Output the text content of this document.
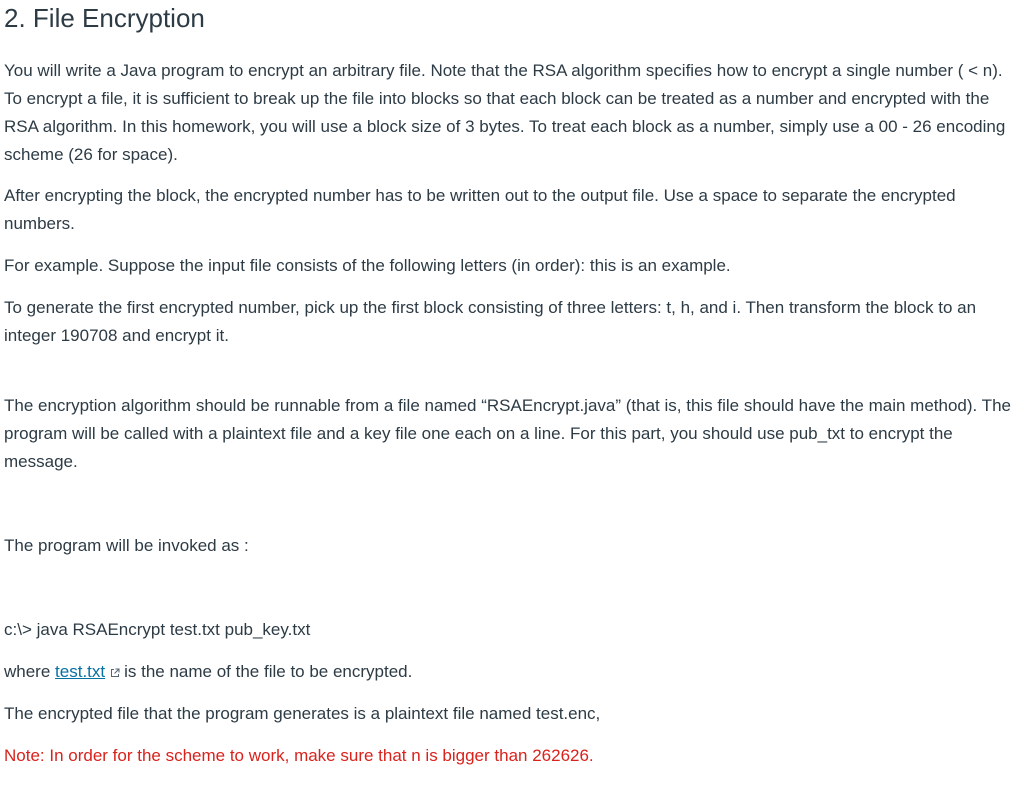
2. File Encryption

You will write a Java program to encrypt an arbitrary file. Note that the RSA algorithm specifies how to encrypt a single number ( < n). To encrypt a file, it is sufficient to break up the file into blocks so that each block can be treated as a number and encrypted with the RSA algorithm. In this homework, you will use a block size of 3 bytes. To treat each block as a number, simply use a 00 - 26 encoding scheme (26 for space).

After encrypting the block, the encrypted number has to be written out to the output file. Use a space to separate the encrypted numbers.

For example. Suppose the input file consists of the following letters (in order): this is an example.

To generate the first encrypted number, pick up the first block consisting of three letters: t, h, and i. Then transform the block to an integer 190708 and encrypt it.

The encryption algorithm should be runnable from a file named “RSAEncrypt.java” (that is, this file should have the main method). The program will be called with a plaintext file and a key file one each on a line. For this part, you should use pub_txt to encrypt the message.

The program will be invoked as :

c:\> java RSAEncrypt test.txt pub_key.txt

where test.txt is the name of the file to be encrypted.

The encrypted file that the program generates is a plaintext file named test.enc,

Note: In order for the scheme to work, make sure that n is bigger than 262626.
